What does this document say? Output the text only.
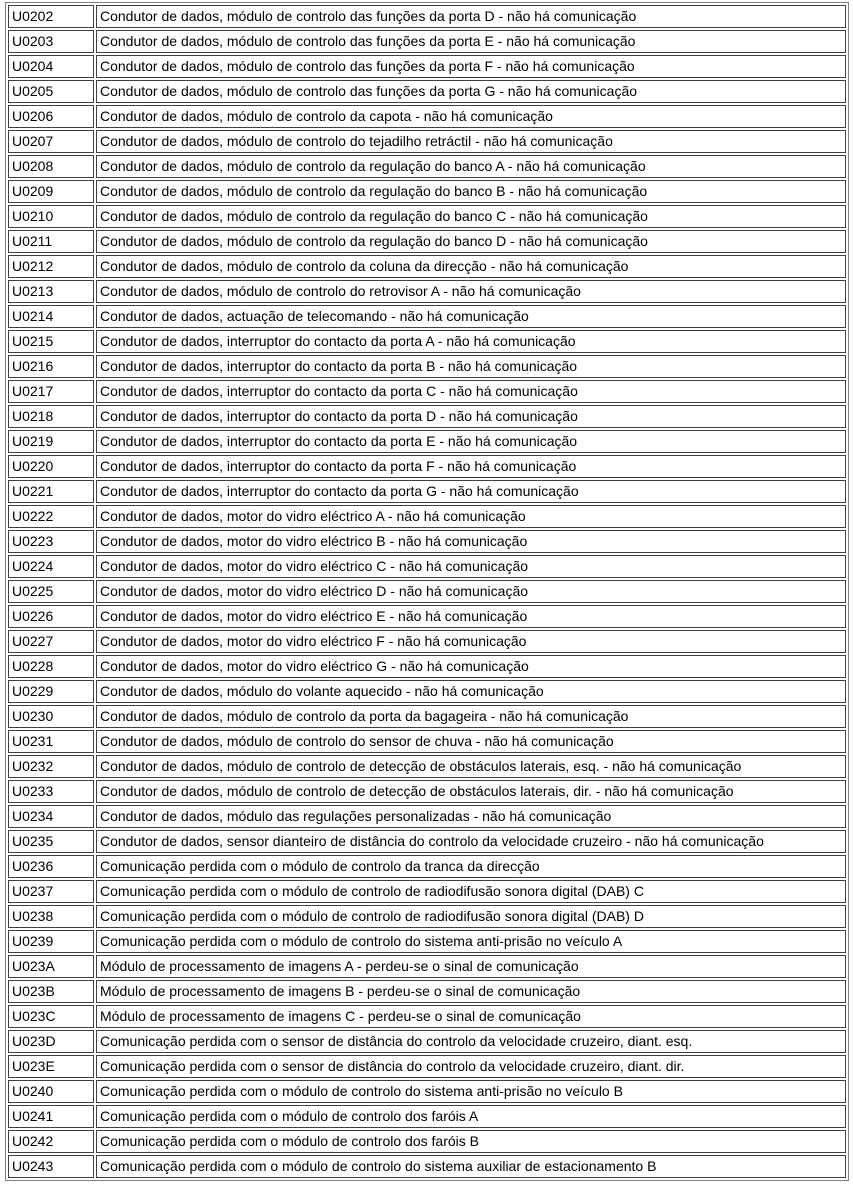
U0202	Condutor de dados, módulo de controlo das funções da porta D - não há comunicação
U0203	Condutor de dados, módulo de controlo das funções da porta E - não há comunicação
U0204	Condutor de dados, módulo de controlo das funções da porta F - não há comunicação
U0205	Condutor de dados, módulo de controlo das funções da porta G - não há comunicação
U0206	Condutor de dados, módulo de controlo da capota - não há comunicação
U0207	Condutor de dados, módulo de controlo do tejadilho retráctil - não há comunicação
U0208	Condutor de dados, módulo de controlo da regulação do banco A - não há comunicação
U0209	Condutor de dados, módulo de controlo da regulação do banco B - não há comunicação
U0210	Condutor de dados, módulo de controlo da regulação do banco C - não há comunicação
U0211	Condutor de dados, módulo de controlo da regulação do banco D - não há comunicação
U0212	Condutor de dados, módulo de controlo da coluna da direcção - não há comunicação
U0213	Condutor de dados, módulo de controlo do retrovisor A - não há comunicação
U0214	Condutor de dados, actuação de telecomando - não há comunicação
U0215	Condutor de dados, interruptor do contacto da porta A - não há comunicação
U0216	Condutor de dados, interruptor do contacto da porta B - não há comunicação
U0217	Condutor de dados, interruptor do contacto da porta C - não há comunicação
U0218	Condutor de dados, interruptor do contacto da porta D - não há comunicação
U0219	Condutor de dados, interruptor do contacto da porta E - não há comunicação
U0220	Condutor de dados, interruptor do contacto da porta F - não há comunicação
U0221	Condutor de dados, interruptor do contacto da porta G - não há comunicação
U0222	Condutor de dados, motor do vidro eléctrico A - não há comunicação
U0223	Condutor de dados, motor do vidro eléctrico B - não há comunicação
U0224	Condutor de dados, motor do vidro eléctrico C - não há comunicação
U0225	Condutor de dados, motor do vidro eléctrico D - não há comunicação
U0226	Condutor de dados, motor do vidro eléctrico E - não há comunicação
U0227	Condutor de dados, motor do vidro eléctrico F - não há comunicação
U0228	Condutor de dados, motor do vidro eléctrico G - não há comunicação
U0229	Condutor de dados, módulo do volante aquecido - não há comunicação
U0230	Condutor de dados, módulo de controlo da porta da bagageira - não há comunicação
U0231	Condutor de dados, módulo de controlo do sensor de chuva - não há comunicação
U0232	Condutor de dados, módulo de controlo de detecção de obstáculos laterais, esq. - não há comunicação
U0233	Condutor de dados, módulo de controlo de detecção de obstáculos laterais, dir. - não há comunicação
U0234	Condutor de dados, módulo das regulações personalizadas - não há comunicação
U0235	Condutor de dados, sensor dianteiro de distância do controlo da velocidade cruzeiro - não há comunicação
U0236	Comunicação perdida com o módulo de controlo da tranca da direcção
U0237	Comunicação perdida com o módulo de controlo de radiodifusão sonora digital (DAB) C
U0238	Comunicação perdida com o módulo de controlo de radiodifusão sonora digital (DAB) D
U0239	Comunicação perdida com o módulo de controlo do sistema anti-prisão no veículo A
U023A	Módulo de processamento de imagens A - perdeu-se o sinal de comunicação
U023B	Módulo de processamento de imagens B - perdeu-se o sinal de comunicação
U023C	Módulo de processamento de imagens C - perdeu-se o sinal de comunicação
U023D	Comunicação perdida com o sensor de distância do controlo da velocidade cruzeiro, diant. esq.
U023E	Comunicação perdida com o sensor de distância do controlo da velocidade cruzeiro, diant. dir.
U0240	Comunicação perdida com o módulo de controlo do sistema anti-prisão no veículo B
U0241	Comunicação perdida com o módulo de controlo dos faróis A
U0242	Comunicação perdida com o módulo de controlo dos faróis B
U0243	Comunicação perdida com o módulo de controlo do sistema auxiliar de estacionamento B
